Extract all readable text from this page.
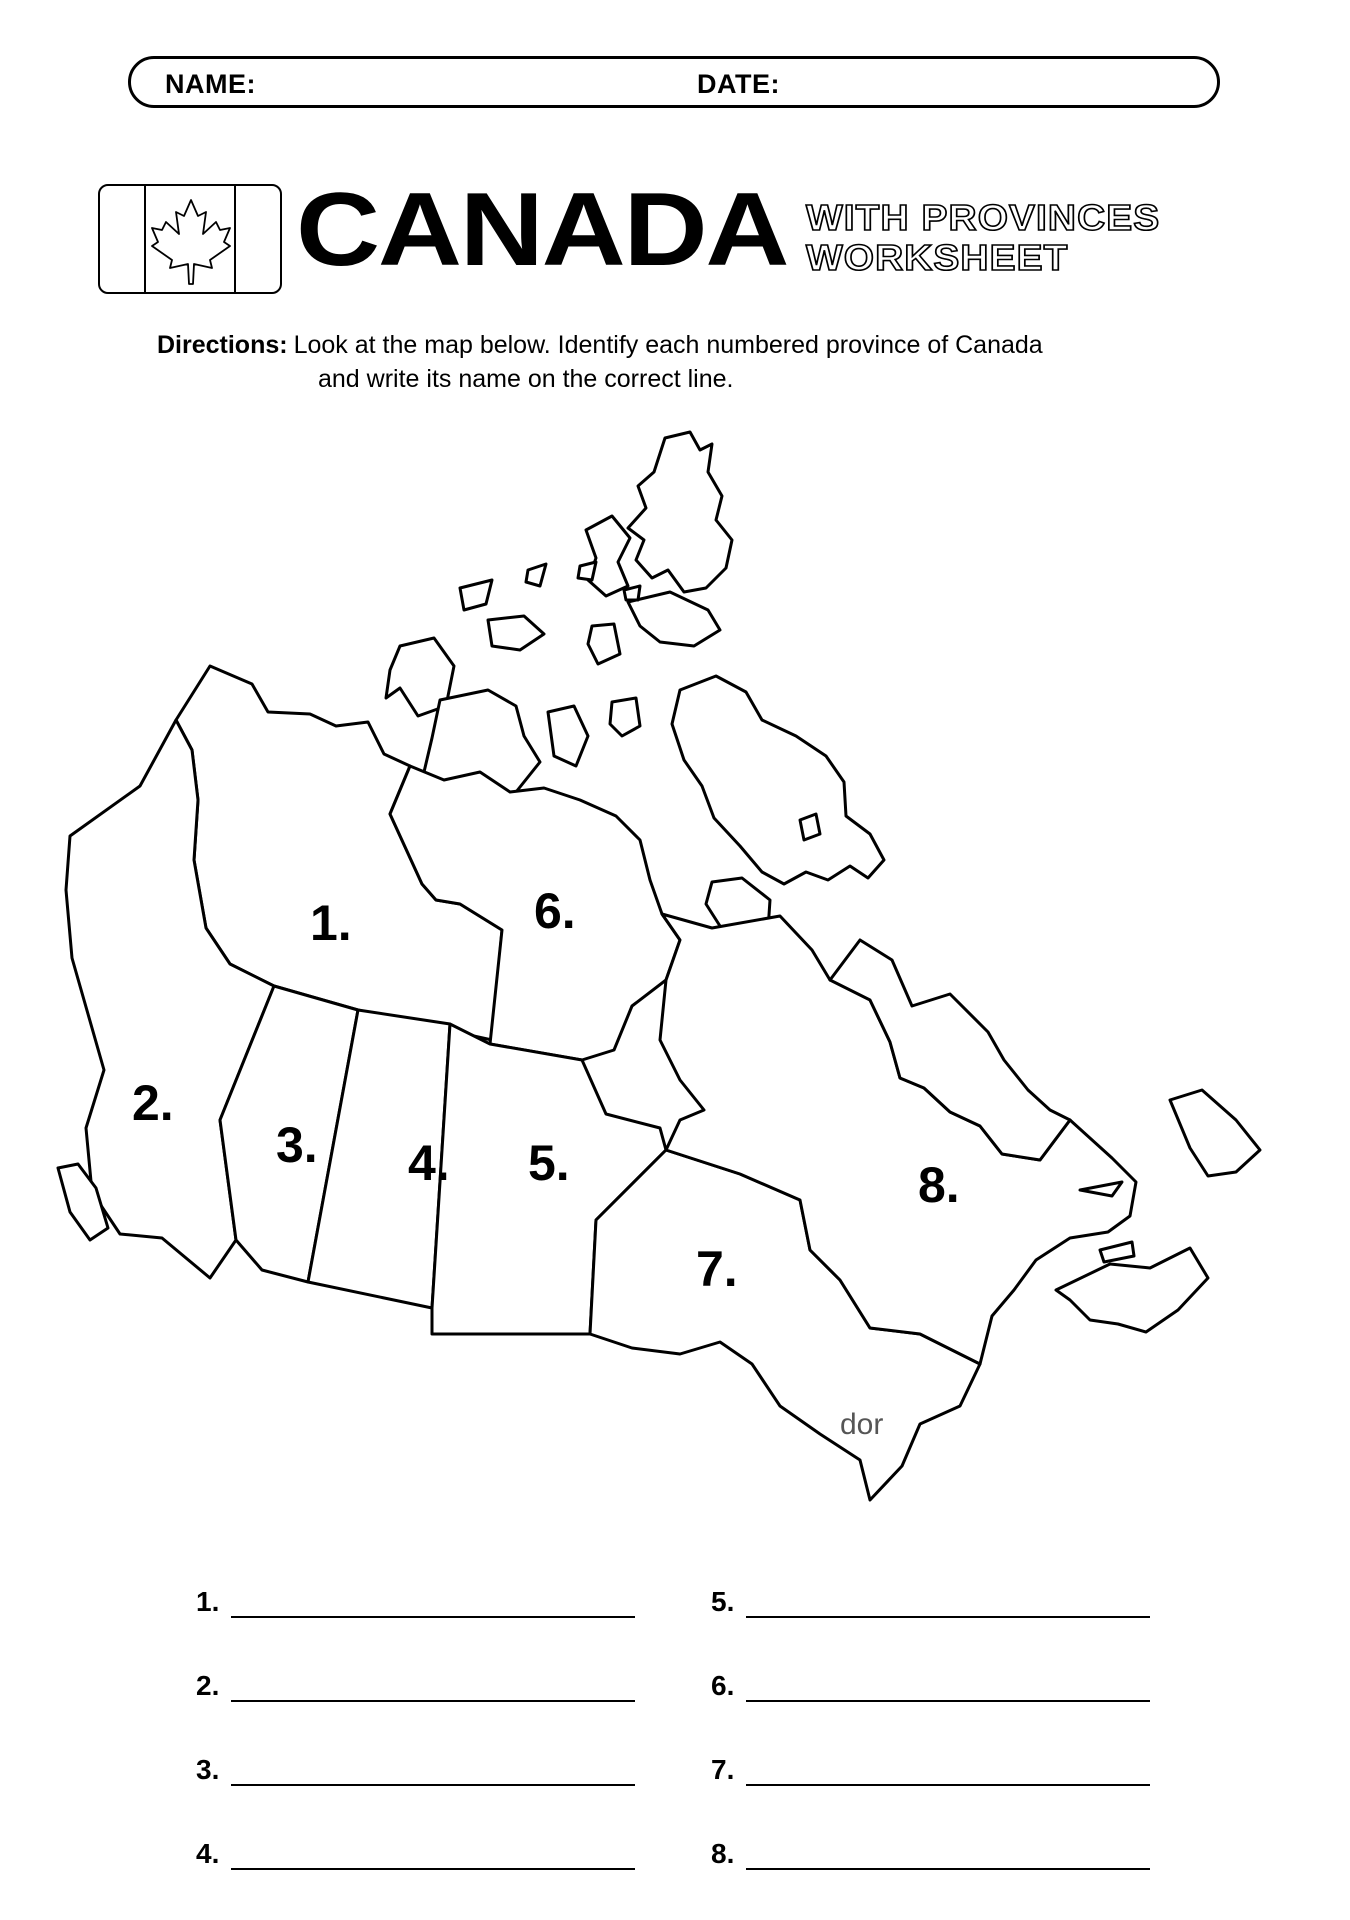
NAME:	DATE:
CANADA WITH PROVINCES
WORKSHEET
Directions: Look at the map below. Identify each numbered province of Canada
and write its name on the correct line.
1.
2.
3. 4. 5.
6.
7.
8.
dor
1.
2.
3.
4.
5.
6.
7.
8.
